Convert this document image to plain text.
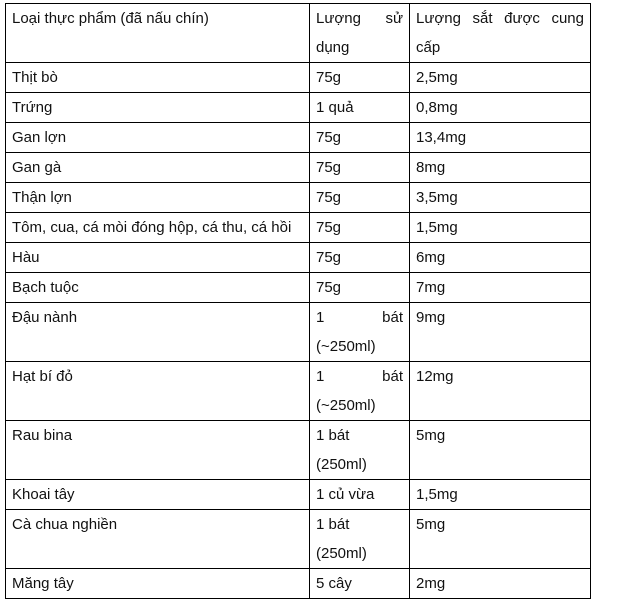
Loại thực phẩm (đã nấu chín)	Lượng sử dụng	Lượng sắt được cung cấp
Thịt bò	75g	2,5mg
Trứng	1 quả	0,8mg
Gan lợn	75g	13,4mg
Gan gà	75g	8mg
Thận lợn	75g	3,5mg
Tôm, cua, cá mòi đóng hộp, cá thu, cá hồi	75g	1,5mg
Hàu	75g	6mg
Bạch tuộc	75g	7mg
Đậu nành	1 bát (~250ml)	9mg
Hạt bí đỏ	1 bát (~250ml)	12mg
Rau bina	1 bát (250ml)	5mg
Khoai tây	1 củ vừa	1,5mg
Cà chua nghiền	1 bát (250ml)	5mg
Măng tây	5 cây	2mg
